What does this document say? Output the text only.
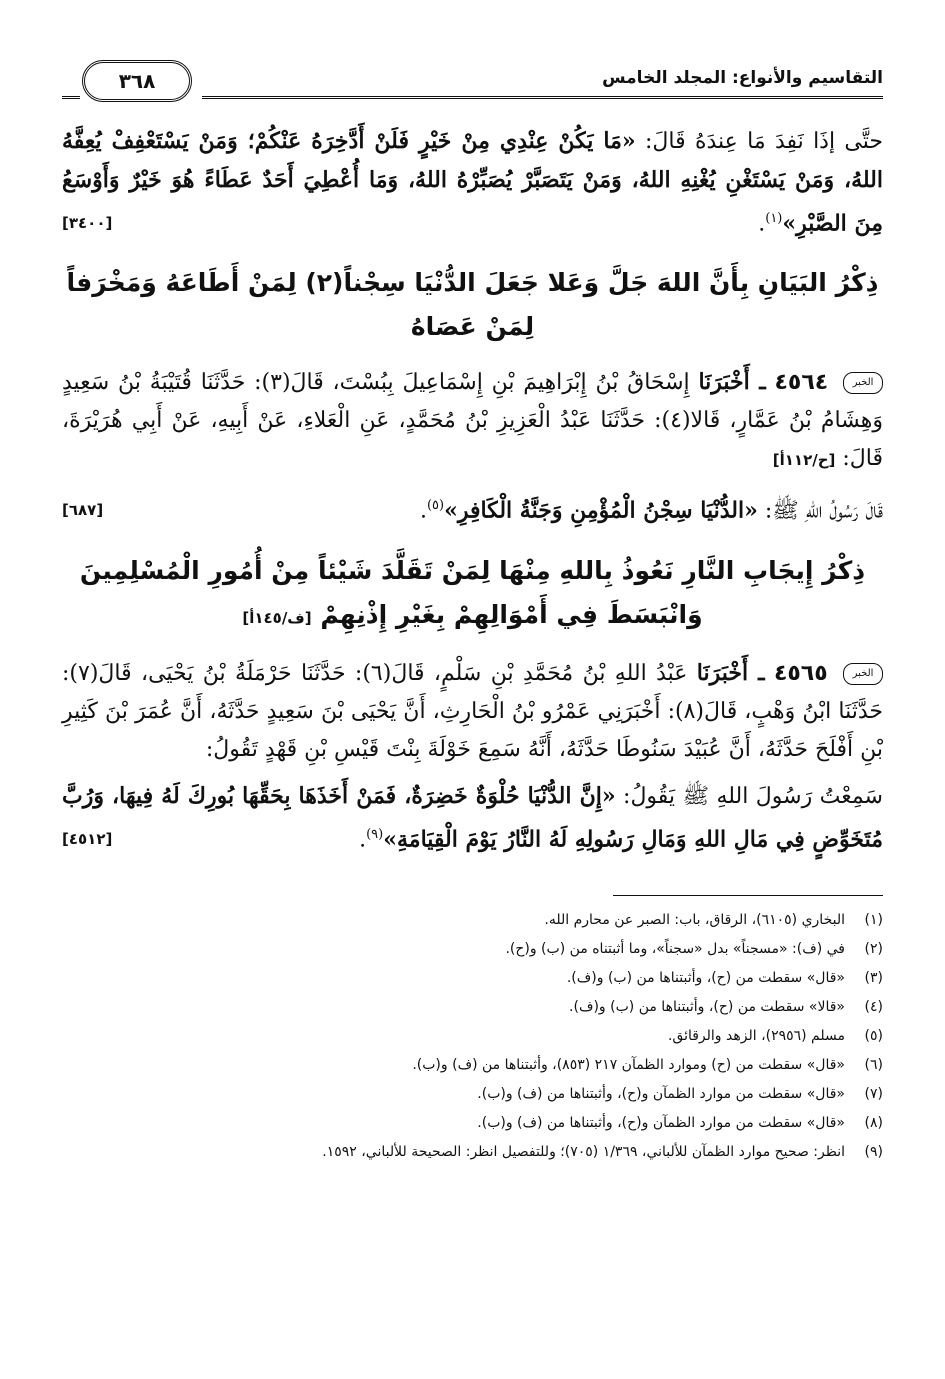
التقاسيم والأنواع: المجلد الخامس
٣٦٨

حتَّى إذَا نَفِدَ مَا عِندَهُ قَالَ: «مَا يَكُنْ عِنْدِي مِنْ خَيْرٍ فَلَنْ أَدَّخِرَهُ عَنْكُمْ؛ وَمَنْ يَسْتَعْفِفْ يُعِفَّهُ اللهُ، وَمَنْ يَسْتَغْنِ يُغْنِهِ اللهُ، وَمَنْ يَتَصَبَّرْ يُصَبِّرْهُ اللهُ، وَمَا أُعْطِيَ أَحَدٌ عَطَاءً هُوَ خَيْرٌ وَأَوْسَعُ مِنَ الصَّبْرِ»$^{(١)}$.
[٣٤٠٠]

ذِكْرُ البَيَانِ بِأَنَّ اللهَ جَلَّ وَعَلا جَعَلَ الدُّنْيَا سِجْناً(٢) لِمَنْ أَطَاعَهُ وَمَخْرَفاً لِمَنْ عَصَاهُ

الخبر ٤٥٦٤ ـ أَخْبَرَنَا إِسْحَاقُ بْنُ إِبْرَاهِيمَ بْنِ إِسْمَاعِيلَ بِبُسْتَ، قَالَ(٣): حَدَّثَنَا قُتَيْبَةُ بْنُ سَعِيدٍ وَهِشَامُ بْنُ عَمَّارٍ، قَالا(٤): حَدَّثَنَا عَبْدُ الْعَزِيزِ بْنُ مُحَمَّدٍ، عَنِ الْعَلاءِ، عَنْ أَبِيهِ، عَنْ أَبِي هُرَيْرَةَ، قَالَ: [ح/١١٢أ]

قَالَ رَسُولُ اللهِ ﷺ: «الدُّنْيَا سِجْنُ الْمُؤْمِنِ وَجَنَّةُ الْكَافِرِ»$^{(٥)}$.
[٦٨٧]

ذِكْرُ إِيجَابِ النَّارِ نَعُوذُ بِاللهِ مِنْهَا لِمَنْ تَقَلَّدَ شَيْئاً مِنْ أُمُورِ الْمُسْلِمِينَ وَانْبَسَطَ فِي أَمْوَالِهِمْ بِغَيْرِ إِذْنِهِمْ [ف/١٤٥أ]

الخبر ٤٥٦٥ ـ أَخْبَرَنَا عَبْدُ اللهِ بْنُ مُحَمَّدِ بْنِ سَلْمٍ، قَالَ(٦): حَدَّثَنَا حَرْمَلَةُ بْنُ يَحْيَى، قَالَ(٧): حَدَّثَنَا ابْنُ وَهْبٍ، قَالَ(٨): أَخْبَرَنِي عَمْرُو بْنُ الْحَارِثِ، أَنَّ يَحْيَى بْنَ سَعِيدٍ حَدَّثَهُ، أَنَّ عُمَرَ بْنَ كَثِيرِ بْنِ أَفْلَحَ حَدَّثَهُ، أَنَّ عُبَيْدَ سَنُوطَا حَدَّثَهُ، أَنَّهُ سَمِعَ خَوْلَةَ بِنْتَ قَيْسِ بْنِ قَهْدٍ تَقُولُ:

سَمِعْتُ رَسُولَ اللهِ ﷺ يَقُولُ: «إِنَّ الدُّنْيَا حُلْوَةٌ خَضِرَةٌ، فَمَنْ أَخَذَهَا بِحَقِّهَا بُورِكَ لَهُ فِيهَا، وَرُبَّ مُتَخَوِّضٍ فِي مَالِ اللهِ وَمَالِ رَسُولِهِ لَهُ النَّارُ يَوْمَ الْقِيَامَةِ»$^{(٩)}$.
[٤٥١٢]

(١)
البخاري (٦١٠٥)، الرقاق، باب: الصبر عن محارم الله.
(٢)
في (ف): «مسجناً» بدل «سجناً»، وما أثبتناه من (ب) و(ح).
(٣)
«قال» سقطت من (ح)، وأثبتناها من (ب) و(ف).
(٤)
«قالا» سقطت من (ح)، وأثبتناها من (ب) و(ف).
(٥)
مسلم (٢٩٥٦)، الزهد والرقائق.
(٦)
«قال» سقطت من (ح) وموارد الظمآن ٢١٧ (٨٥٣)، وأثبتناها من (ف) و(ب).
(٧)
«قال» سقطت من موارد الظمآن و(ح)، وأثبتناها من (ف) و(ب).
(٨)
«قال» سقطت من موارد الظمآن و(ح)، وأثبتناها من (ف) و(ب).
(٩)
انظر: صحيح موارد الظمآن للألباني، ١/٣٦٩ (٧٠٥)؛ وللتفصيل انظر: الصحيحة للألباني، ١٥٩٢.
